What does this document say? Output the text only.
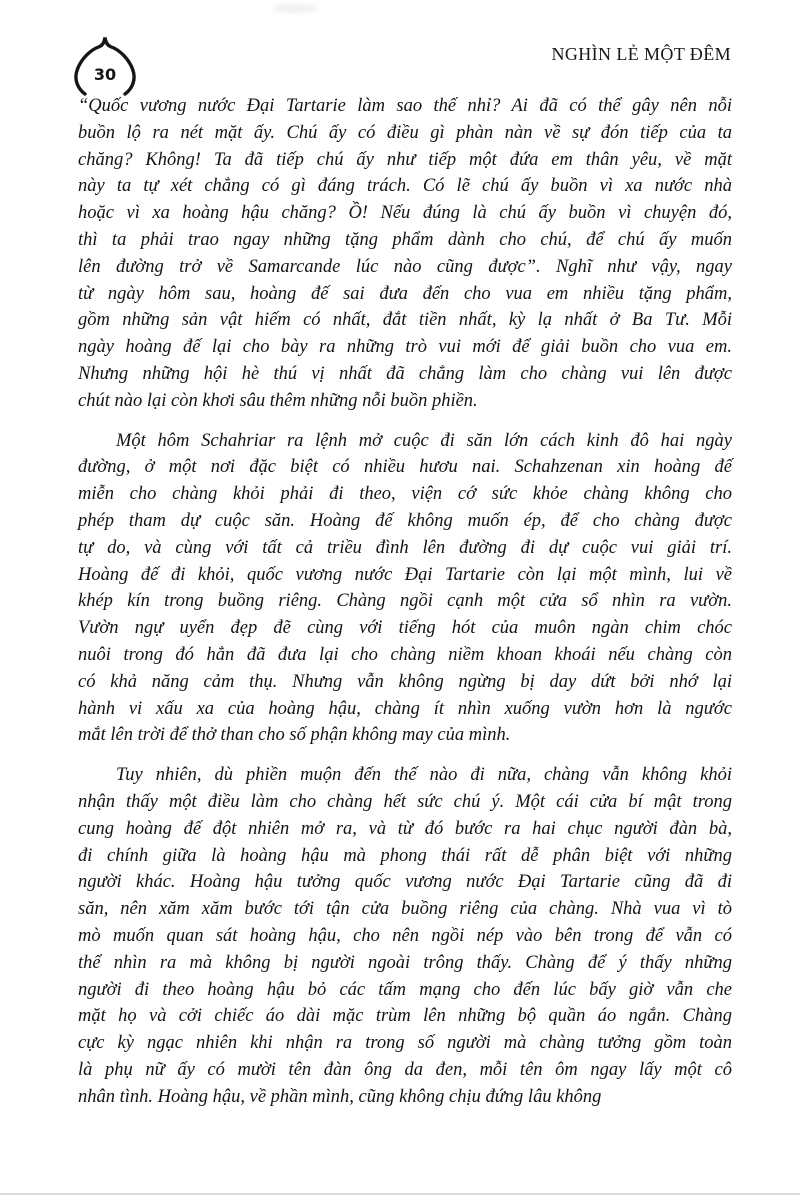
30
NGHÌN LẺ MỘT ĐÊM
“Quốc vương nước Đại Tartarie làm sao thế nhỉ? Ai đã có thể gây nên nỗi
buồn lộ ra nét mặt ấy. Chú ấy có điều gì phàn nàn về sự đón tiếp của ta
chăng? Không! Ta đã tiếp chú ấy như tiếp một đứa em thân yêu, về mặt
này ta tự xét chẳng có gì đáng trách. Có lẽ chú ấy buồn vì xa nước nhà
hoặc vì xa hoàng hậu chăng? Ồ! Nếu đúng là chú ấy buồn vì chuyện đó,
thì ta phải trao ngay những tặng phẩm dành cho chú, để chú ấy muốn
lên đường trở về Samarcande lúc nào cũng được”. Nghĩ như vậy, ngay
từ ngày hôm sau, hoàng đế sai đưa đến cho vua em nhiều tặng phẩm,
gồm những sản vật hiếm có nhất, đắt tiền nhất, kỳ lạ nhất ở Ba Tư. Mỗi
ngày hoàng đế lại cho bày ra những trò vui mới để giải buồn cho vua em.
Nhưng những hội hè thú vị nhất đã chẳng làm cho chàng vui lên được
chút nào lại còn khơi sâu thêm những nỗi buồn phiền.
Một hôm Schahriar ra lệnh mở cuộc đi săn lớn cách kinh đô hai ngày
đường, ở một nơi đặc biệt có nhiều hươu nai. Schahzenan xin hoàng đế
miễn cho chàng khỏi phải đi theo, viện cớ sức khỏe chàng không cho
phép tham dự cuộc săn. Hoàng đế không muốn ép, để cho chàng được
tự do, và cùng với tất cả triều đình lên đường đi dự cuộc vui giải trí.
Hoàng đế đi khỏi, quốc vương nước Đại Tartarie còn lại một mình, lui về
khép kín trong buồng riêng. Chàng ngồi cạnh một cửa sổ nhìn ra vườn.
Vườn ngự uyển đẹp đẽ cùng với tiếng hót của muôn ngàn chim chóc
nuôi trong đó hẳn đã đưa lại cho chàng niềm khoan khoái nếu chàng còn
có khả năng cảm thụ. Nhưng vẫn không ngừng bị day dứt bởi nhớ lại
hành vi xấu xa của hoàng hậu, chàng ít nhìn xuống vườn hơn là ngước
mắt lên trời để thở than cho số phận không may của mình.
Tuy nhiên, dù phiền muộn đến thế nào đi nữa, chàng vẫn không khỏi
nhận thấy một điều làm cho chàng hết sức chú ý. Một cái cửa bí mật trong
cung hoàng đế đột nhiên mở ra, và từ đó bước ra hai chục người đàn bà,
đi chính giữa là hoàng hậu mà phong thái rất dễ phân biệt với những
người khác. Hoàng hậu tưởng quốc vương nước Đại Tartarie cũng đã đi
săn, nên xăm xăm bước tới tận cửa buồng riêng của chàng. Nhà vua vì tò
mò muốn quan sát hoàng hậu, cho nên ngồi nép vào bên trong để vẫn có
thể nhìn ra mà không bị người ngoài trông thấy. Chàng để ý thấy những
người đi theo hoàng hậu bỏ các tấm mạng cho đến lúc bấy giờ vẫn che
mặt họ và cởi chiếc áo dài mặc trùm lên những bộ quần áo ngắn. Chàng
cực kỳ ngạc nhiên khi nhận ra trong số người mà chàng tưởng gồm toàn
là phụ nữ ấy có mười tên đàn ông da đen, mỗi tên ôm ngay lấy một cô
nhân tình. Hoàng hậu, về phần mình, cũng không chịu đứng lâu không
